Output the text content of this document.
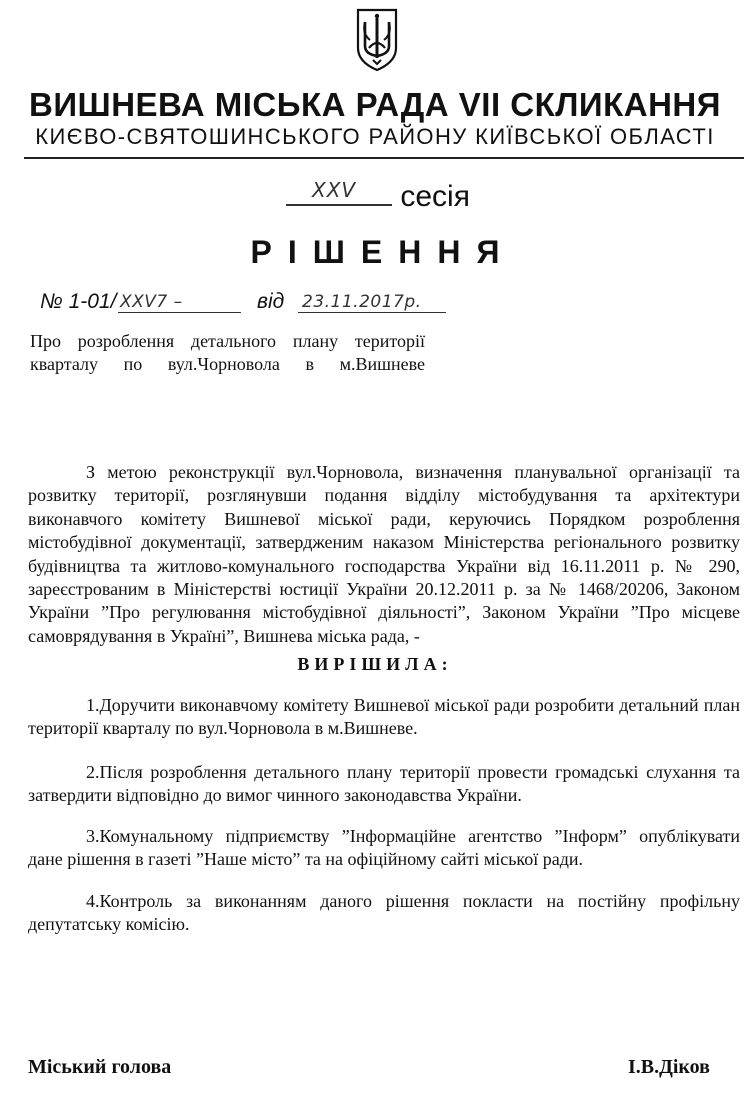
ВИШНЕВА МІСЬКА РАДА VII СКЛИКАННЯ
КИЄВО-СВЯТОШИНСЬКОГО РАЙОНУ КИЇВСЬКОЇ ОБЛАСТІ
XXV сесія
РІШЕННЯ
№ 1-01/ XXV7 –	від 23.11.2017р.
Про розроблення детального плану території
кварталу по вул.Чорновола в м.Вишневе
З метою реконструкції вул.Чорновола, визначення планувальної організації та розвитку території, розглянувши подання відділу містобудування та архітектури виконавчого комітету Вишневої міської ради, керуючись Порядком розроблення містобудівної документації, затвердженим наказом Міністерства регіонального розвитку будівництва та житлово-комунального господарства України від 16.11.2011 р. № 290, зареєстрованим в Міністерстві юстиції України 20.12.2011 р. за № 1468/20206, Законом України ”Про регулювання містобудівної діяльності”, Законом України ”Про місцеве самоврядування в Україні”, Вишнева міська рада, -
ВИРІШИЛА:
1.Доручити виконавчому комітету Вишневої міської ради розробити детальний план території кварталу по вул.Чорновола в м.Вишневе.
2.Після розроблення детального плану території провести громадські слухання та затвердити відповідно до вимог чинного законодавства України.
3.Комунальному підприємству ”Інформаційне агентство ”Інформ” опублікувати дане рішення в газеті ”Наше місто” та на офіційному сайті міської ради.
4.Контроль за виконанням даного рішення покласти на постійну профільну депутатську комісію.
Міський голова	І.В.Діков
